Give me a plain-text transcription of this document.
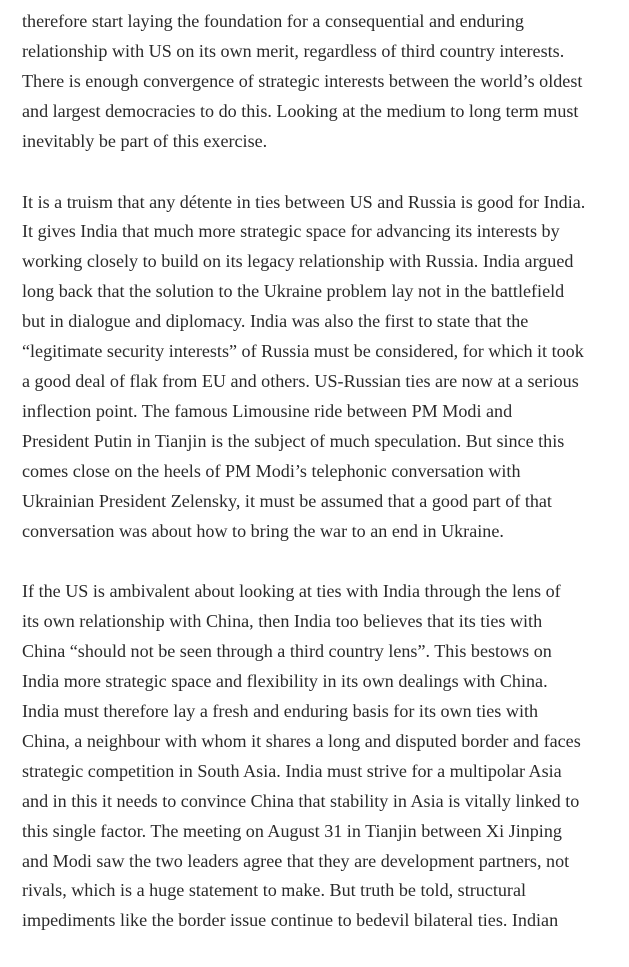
therefore start laying the foundation for a consequential and enduring
relationship with US on its own merit, regardless of third country interests.
There is enough convergence of strategic interests between the world’s oldest
and largest democracies to do this. Looking at the medium to long term must
inevitably be part of this exercise.

It is a truism that any détente in ties between US and Russia is good for India.
It gives India that much more strategic space for advancing its interests by
working closely to build on its legacy relationship with Russia. India argued
long back that the solution to the Ukraine problem lay not in the battlefield
but in dialogue and diplomacy. India was also the first to state that the
“legitimate security interests” of Russia must be considered, for which it took
a good deal of flak from EU and others. US-Russian ties are now at a serious
inflection point. The famous Limousine ride between PM Modi and
President Putin in Tianjin is the subject of much speculation. But since this
comes close on the heels of PM Modi’s telephonic conversation with
Ukrainian President Zelensky, it must be assumed that a good part of that
conversation was about how to bring the war to an end in Ukraine.

If the US is ambivalent about looking at ties with India through the lens of
its own relationship with China, then India too believes that its ties with
China “should not be seen through a third country lens”. This bestows on
India more strategic space and flexibility in its own dealings with China.
India must therefore lay a fresh and enduring basis for its own ties with
China, a neighbour with whom it shares a long and disputed border and faces
strategic competition in South Asia. India must strive for a multipolar Asia
and in this it needs to convince China that stability in Asia is vitally linked to
this single factor. The meeting on August 31 in Tianjin between Xi Jinping
and Modi saw the two leaders agree that they are development partners, not
rivals, which is a huge statement to make. But truth be told, structural
impediments like the border issue continue to bedevil bilateral ties. Indian
